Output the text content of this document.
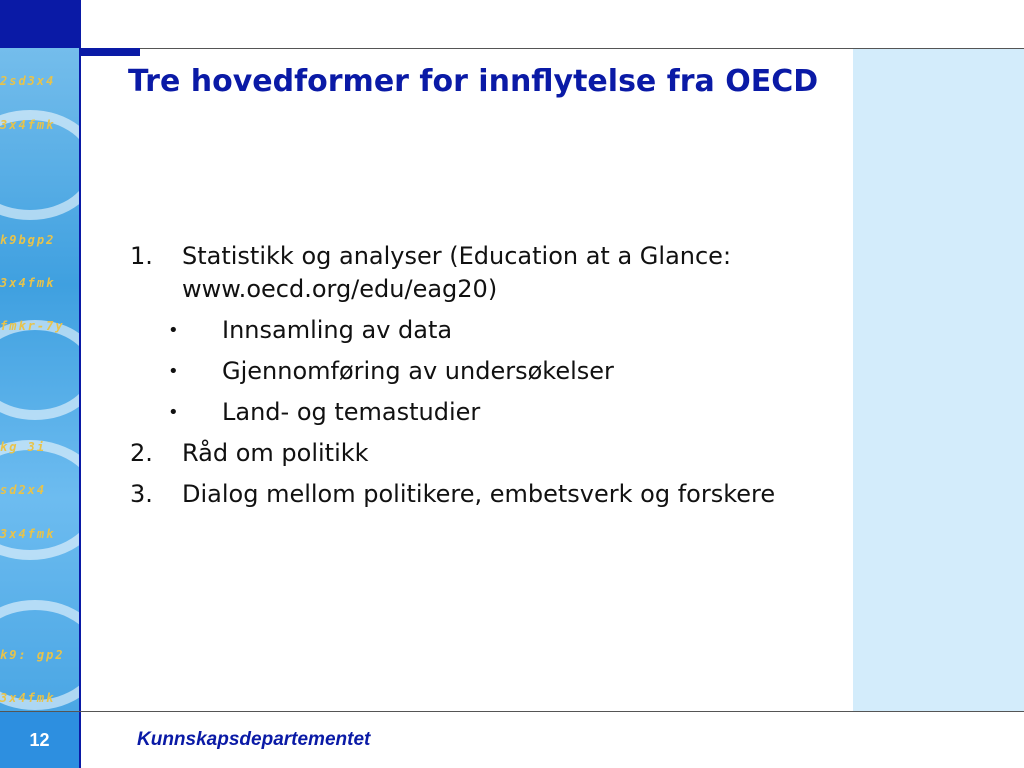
2sd3x4
3x4fmk
k9bgp2
3x4fmk
fmkr-7y
kg 3i
sd2x4
3x4fmk
k9: gp2
3x4fmk
Tre hovedformer for innflytelse fra OECD
1.	Statistikk og analyser (Education at a Glance: www.oecd.org/edu/eag20)
•	Innsamling av data
•	Gjennomføring av undersøkelser
•	Land- og temastudier
2.	Råd om politikk
3.	Dialog mellom politikere, embetsverk og forskere
12	Kunnskapsdepartementet
